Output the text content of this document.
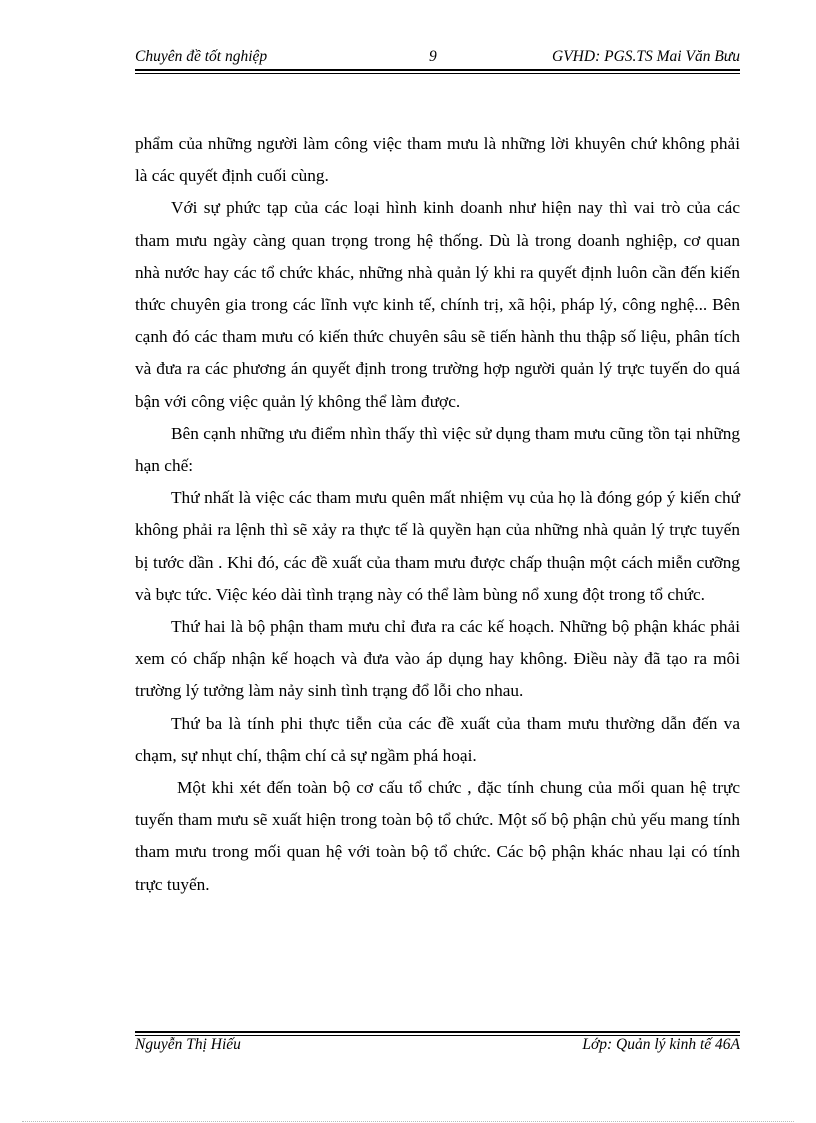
Chuyên đề tốt nghiệp	9	GVHD: PGS.TS Mai Văn Bưu

phẩm của những người làm công việc tham mưu là những lời khuyên chứ không phải là các quyết định cuối cùng.

Với sự phức tạp của các loại hình kinh doanh như hiện nay thì vai trò của các tham mưu ngày càng quan trọng trong hệ thống. Dù là trong doanh nghiệp, cơ quan nhà nước hay các tổ chức khác, những nhà quản lý khi ra quyết định luôn cần đến kiến thức chuyên gia trong các lĩnh vực kinh tế, chính trị, xã hội, pháp lý, công nghệ... Bên cạnh đó các tham mưu có kiến thức chuyên sâu sẽ tiến hành thu thập số liệu, phân tích và đưa ra các phương án quyết định trong trường hợp người quản lý trực tuyến do quá bận với công việc quản lý không thể làm được.

Bên cạnh những ưu điểm nhìn thấy thì việc sử dụng tham mưu cũng tồn tại những hạn chế:

Thứ nhất là việc các tham mưu quên mất nhiệm vụ của họ là đóng góp ý kiến chứ không phải ra lệnh thì sẽ xảy ra thực tế là quyền hạn của những nhà quản lý trực tuyến bị tước dần . Khi đó, các đề xuất của tham mưu được chấp thuận một cách miễn cưỡng và bực tức. Việc kéo dài tình trạng này có thể làm bùng nổ xung đột trong tổ chức.

Thứ hai là bộ phận tham mưu chỉ đưa ra các kế hoạch. Những bộ phận khác phải xem có chấp nhận kế hoạch và đưa vào áp dụng hay không. Điều này đã tạo ra môi trường lý tưởng làm nảy sinh tình trạng đổ lỗi cho nhau.

Thứ ba là tính phi thực tiễn của các đề xuất của tham mưu thường dẫn đến va chạm, sự nhụt chí, thậm chí cả sự ngầm phá hoại.

Một khi xét đến toàn bộ cơ cấu tổ chức , đặc tính chung của mối quan hệ trực tuyến tham mưu sẽ xuất hiện trong toàn bộ tổ chức. Một số bộ phận chủ yếu mang tính tham mưu trong mối quan hệ với toàn bộ tổ chức. Các bộ phận khác nhau lại có tính trực tuyến.

Nguyễn Thị Hiếu	Lớp: Quản lý kinh tế 46A
